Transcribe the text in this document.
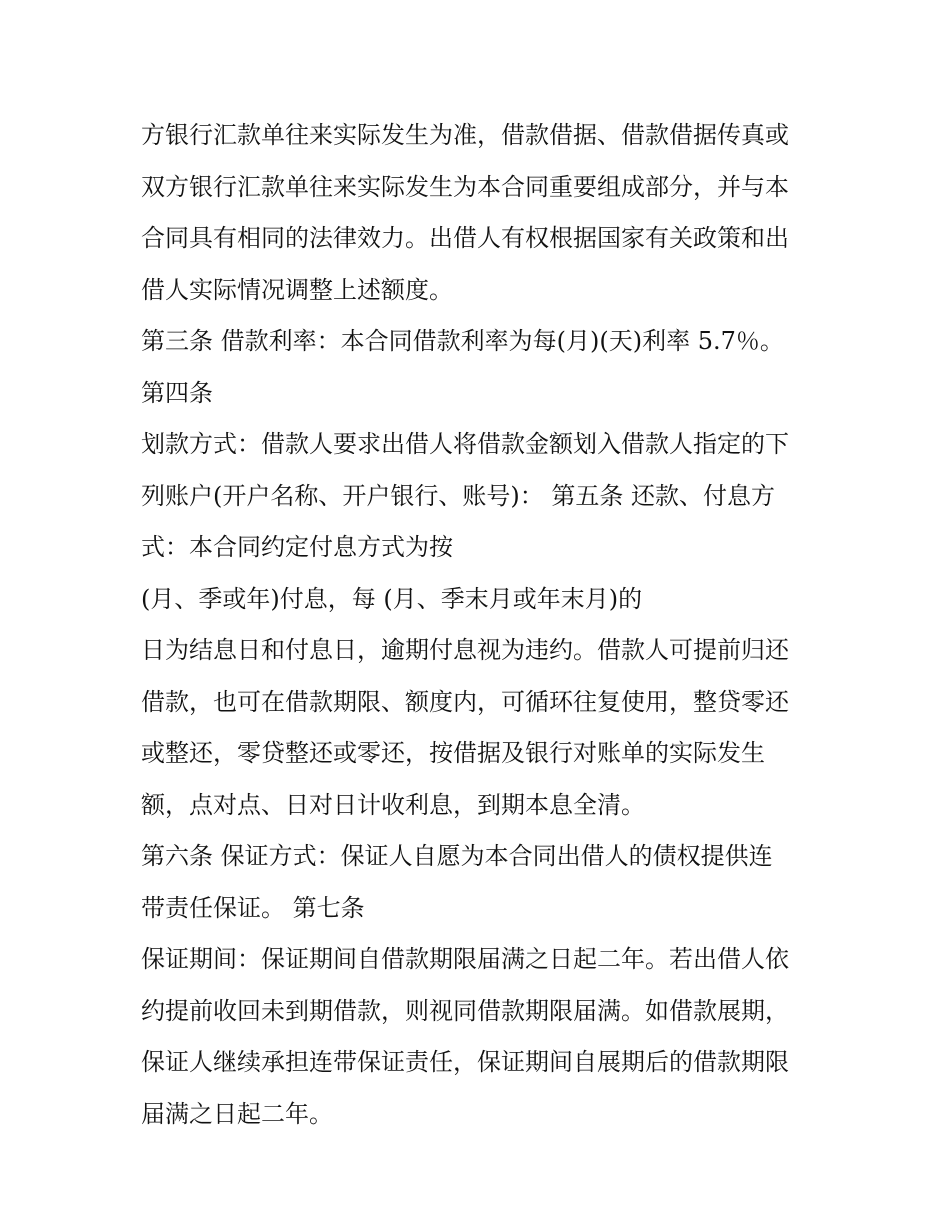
方银行汇款单往来实际发生为准，借款借据、借款借据传真或
双方银行汇款单往来实际发生为本合同重要组成部分，并与本
合同具有相同的法律效力。出借人有权根据国家有关政策和出
借人实际情况调整上述额度。
第三条 借款利率：本合同借款利率为每(月)(天)利率 5.7％。
第四条
划款方式：借款人要求出借人将借款金额划入借款人指定的下
列账户(开户名称、开户银行、账号)： 第五条 还款、付息方
式：本合同约定付息方式为按
(月、季或年)付息，每 (月、季末月或年末月)的
日为结息日和付息日，逾期付息视为违约。借款人可提前归还
借款，也可在借款期限、额度内，可循环往复使用，整贷零还
或整还，零贷整还或零还，按借据及银行对账单的实际发生
额，点对点、日对日计收利息，到期本息全清。
第六条 保证方式：保证人自愿为本合同出借人的债权提供连
带责任保证。 第七条
保证期间：保证期间自借款期限届满之日起二年。若出借人依
约提前收回未到期借款，则视同借款期限届满。如借款展期，
保证人继续承担连带保证责任，保证期间自展期后的借款期限
届满之日起二年。
